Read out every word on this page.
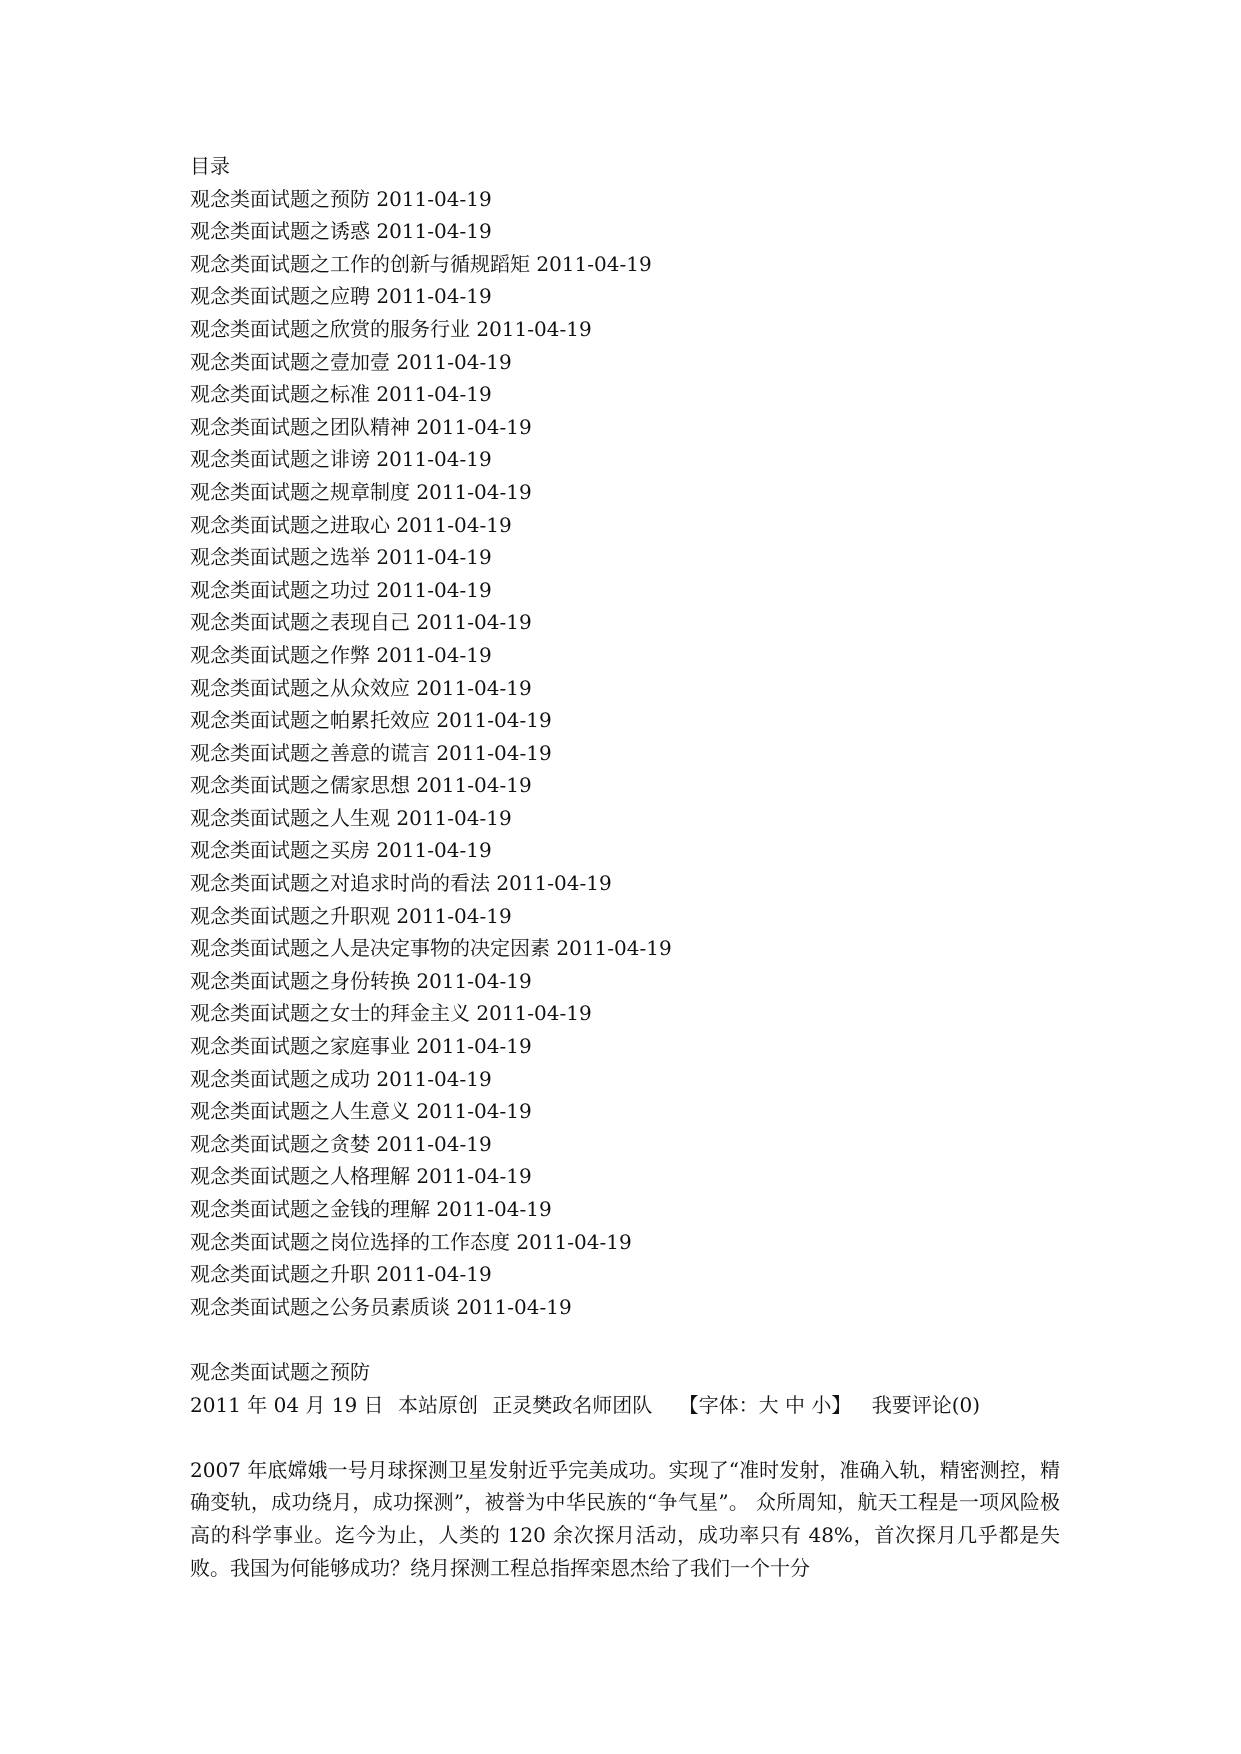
目录
观念类面试题之预防 2011-04-19
观念类面试题之诱惑 2011-04-19
观念类面试题之工作的创新与循规蹈矩 2011-04-19
观念类面试题之应聘 2011-04-19
观念类面试题之欣赏的服务行业 2011-04-19
观念类面试题之壹加壹 2011-04-19
观念类面试题之标准 2011-04-19
观念类面试题之团队精神 2011-04-19
观念类面试题之诽谤 2011-04-19
观念类面试题之规章制度 2011-04-19
观念类面试题之进取心 2011-04-19
观念类面试题之选举 2011-04-19
观念类面试题之功过 2011-04-19
观念类面试题之表现自己 2011-04-19
观念类面试题之作弊 2011-04-19
观念类面试题之从众效应 2011-04-19
观念类面试题之帕累托效应 2011-04-19
观念类面试题之善意的谎言 2011-04-19
观念类面试题之儒家思想 2011-04-19
观念类面试题之人生观 2011-04-19
观念类面试题之买房 2011-04-19
观念类面试题之对追求时尚的看法 2011-04-19
观念类面试题之升职观 2011-04-19
观念类面试题之人是决定事物的决定因素 2011-04-19
观念类面试题之身份转换 2011-04-19
观念类面试题之女士的拜金主义 2011-04-19
观念类面试题之家庭事业 2011-04-19
观念类面试题之成功 2011-04-19
观念类面试题之人生意义 2011-04-19
观念类面试题之贪婪 2011-04-19
观念类面试题之人格理解 2011-04-19
观念类面试题之金钱的理解 2011-04-19
观念类面试题之岗位选择的工作态度 2011-04-19
观念类面试题之升职 2011-04-19
观念类面试题之公务员素质谈 2011-04-19
观念类面试题之预防
2011 年 04 月 19 日 本站原创 正灵樊政名师团队 【字体：大 中 小】 我要评论(0)

2007 年底嫦娥一号月球探测卫星发射近乎完美成功。实现了“准时发射，准确入轨，精密测控，精确变轨，成功绕月，成功探测”，被誉为中华民族的“争气星”。 众所周知，航天工程是一项风险极高的科学事业。迄今为止，人类的 120 余次探月活动，成功率只有 48%，首次探月几乎都是失败。我国为何能够成功？绕月探测工程总指挥栾恩杰给了我们一个十分
